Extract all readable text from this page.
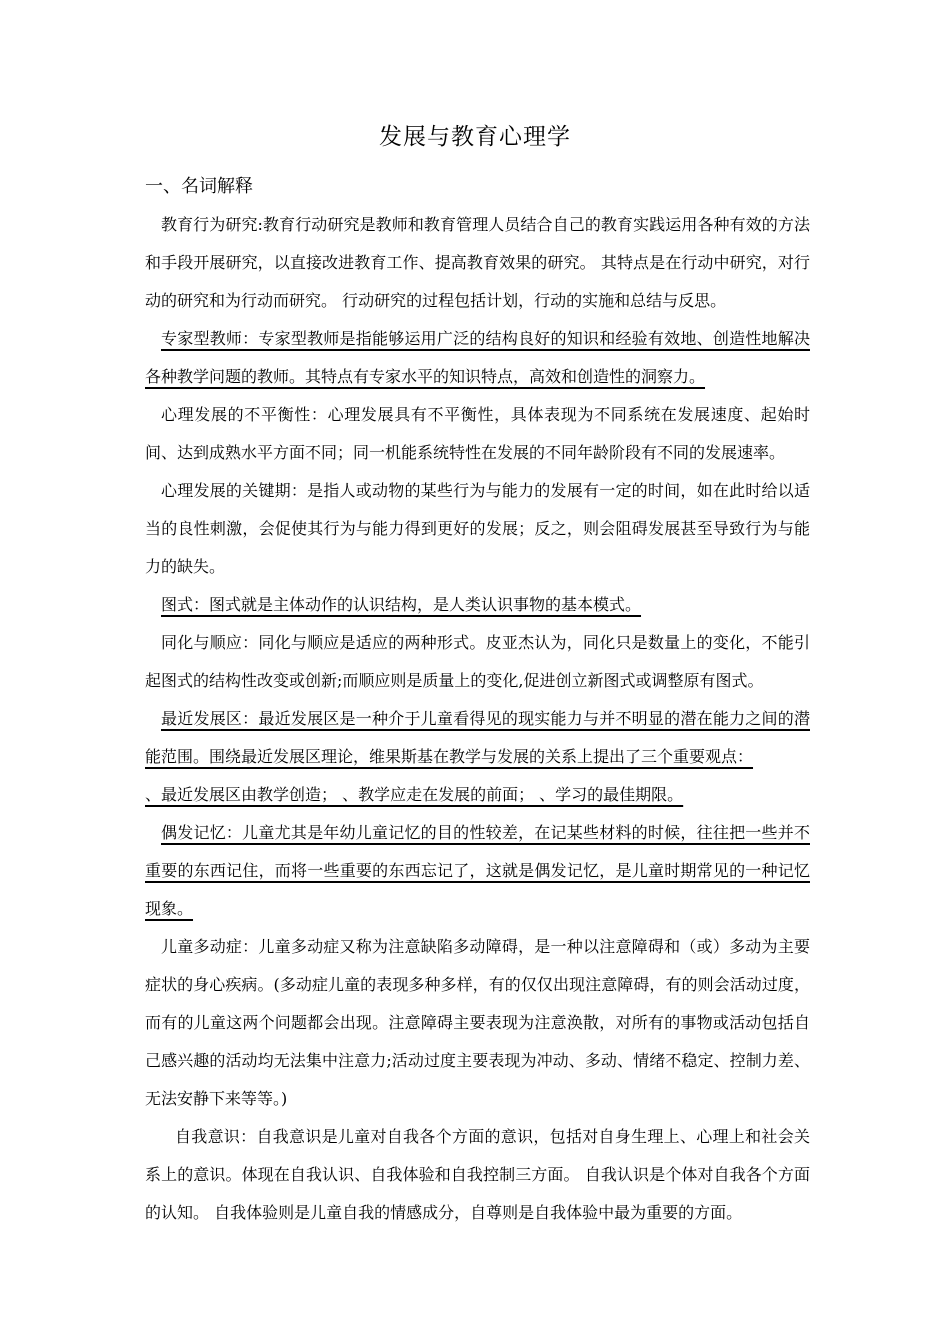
发展与教育心理学
一、名词解释

教育行为研究:教育行动研究是教师和教育管理人员结合自己的教育实践运用各种有效的方法和手段开展研究，以直接改进教育工作、提高教育效果的研究。 其特点是在行动中研究，对行动的研究和为行动而研究。 行动研究的过程包括计划，行动的实施和总结与反思。

专家型教师：专家型教师是指能够运用广泛的结构良好的知识和经验有效地、创造性地解决各种教学问题的教师。其特点有专家水平的知识特点，高效和创造性的洞察力。

心理发展的不平衡性：心理发展具有不平衡性，具体表现为不同系统在发展速度、起始时间、达到成熟水平方面不同；同一机能系统特性在发展的不同年龄阶段有不同的发展速率。

心理发展的关键期：是指人或动物的某些行为与能力的发展有一定的时间，如在此时给以适当的良性刺激，会促使其行为与能力得到更好的发展；反之，则会阻碍发展甚至导致行为与能力的缺失。

图式：图式就是主体动作的认识结构，是人类认识事物的基本模式。

同化与顺应：同化与顺应是适应的两种形式。皮亚杰认为，同化只是数量上的变化，不能引起图式的结构性改变或创新;而顺应则是质量上的变化,促进创立新图式或调整原有图式。

最近发展区：最近发展区是一种介于儿童看得见的现实能力与并不明显的潜在能力之间的潜能范围。围绕最近发展区理论，维果斯基在教学与发展的关系上提出了三个重要观点：

、最近发展区由教学创造； 、教学应走在发展的前面； 、学习的最佳期限。

偶发记忆：儿童尤其是年幼儿童记忆的目的性较差，在记某些材料的时候，往往把一些并不重要的东西记住，而将一些重要的东西忘记了，这就是偶发记忆，是儿童时期常见的一种记忆现象。

儿童多动症：儿童多动症又称为注意缺陷多动障碍，是一种以注意障碍和（或）多动为主要症状的身心疾病。(多动症儿童的表现多种多样，有的仅仅出现注意障碍，有的则会活动过度，而有的儿童这两个问题都会出现。注意障碍主要表现为注意涣散，对所有的事物或活动包括自己感兴趣的活动均无法集中注意力;活动过度主要表现为冲动、多动、情绪不稳定、控制力差、无法安静下来等等。)

自我意识：自我意识是儿童对自我各个方面的意识，包括对自身生理上、心理上和社会关系上的意识。体现在自我认识、自我体验和自我控制三方面。 自我认识是个体对自我各个方面的认知。 自我体验则是儿童自我的情感成分，自尊则是自我体验中最为重要的方面。
